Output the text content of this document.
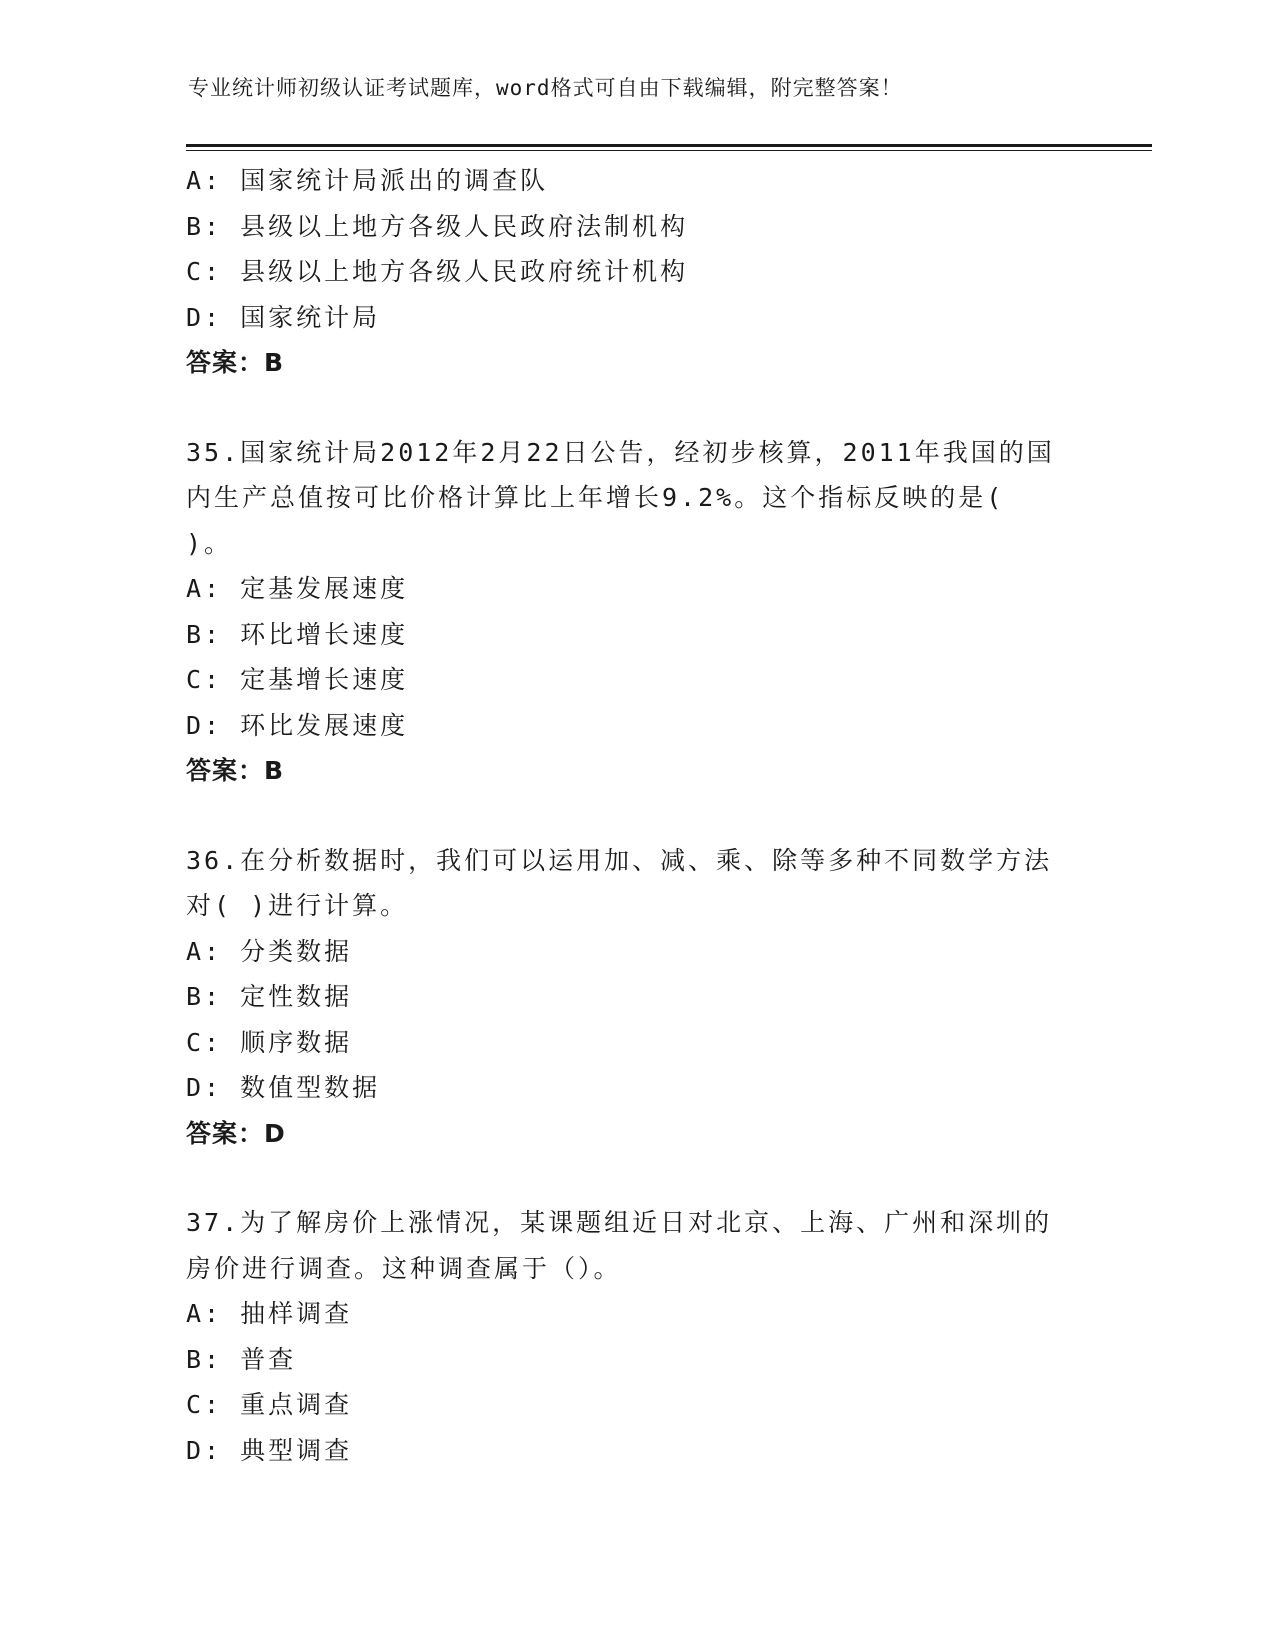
专业统计师初级认证考试题库，word格式可自由下载编辑，附完整答案！
A: 国家统计局派出的调查队
B: 县级以上地方各级人民政府法制机构
C: 县级以上地方各级人民政府统计机构
D: 国家统计局
答案：B
35.国家统计局2012年2月22日公告，经初步核算，2011年我国的国
内生产总值按可比价格计算比上年增长9.2%。这个指标反映的是(
)。
A: 定基发展速度
B: 环比增长速度
C: 定基增长速度
D: 环比发展速度
答案：B
36.在分析数据时，我们可以运用加、减、乘、除等多种不同数学方法
对( )进行计算。
A: 分类数据
B: 定性数据
C: 顺序数据
D: 数值型数据
答案：D
37.为了解房价上涨情况，某课题组近日对北京、上海、广州和深圳的
房价进行调查。这种调查属于（）。
A: 抽样调查
B: 普查
C: 重点调查
D: 典型调查
